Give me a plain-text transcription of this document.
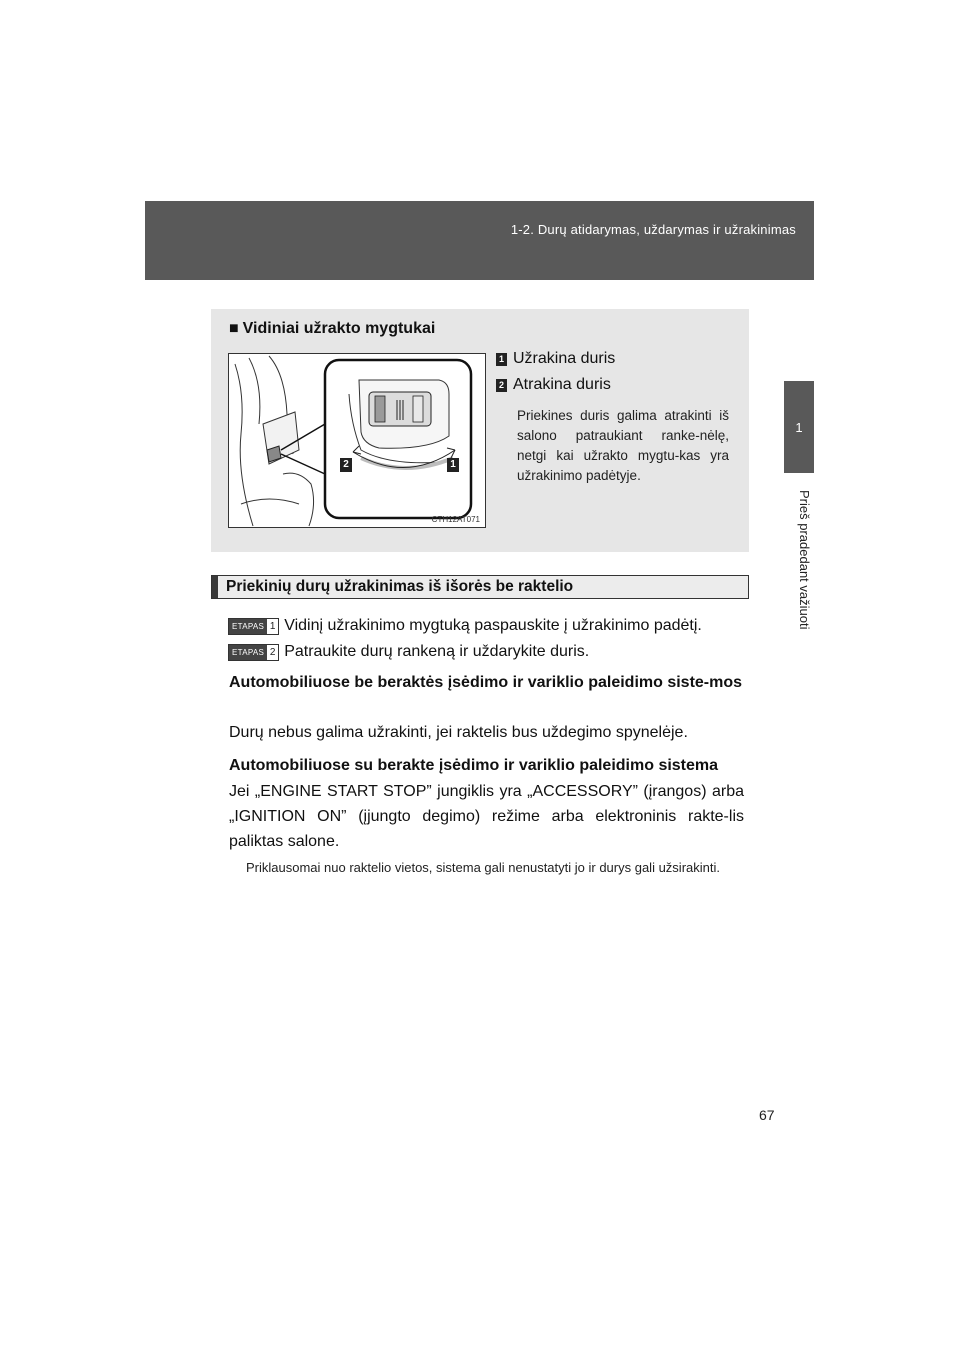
1-2. Durų atidarymas, uždarymas ir užrakinimas
1
Prieš pradedant važiuoti
■ Vidiniai užrakto mygtukai
2	1
CTH12AT071
1 Užrakina duris
2 Atrakina duris
Priekines duris galima atrakinti iš salono patraukiant ranke-nėlę, netgi kai užrakto mygtu-kas yra užrakinimo padėtyje.
Priekinių durų užrakinimas iš išorės be raktelio
ETAPAS 1 Vidinį užrakinimo mygtuką paspauskite į užrakinimo padėtį.
ETAPAS 2 Patraukite durų rankeną ir uždarykite duris.
Automobiliuose be beraktės įsėdimo ir variklio paleidimo siste-mos
Durų nebus galima užrakinti, jei raktelis bus uždegimo spynelėje.
Automobiliuose su berakte įsėdimo ir variklio paleidimo sistema
Jei „ENGINE START STOP” jungiklis yra „ACCESSORY” (įrangos) arba „IGNITION ON” (įjungto degimo) režime arba elektroninis rakte-lis paliktas salone.
Priklausomai nuo raktelio vietos, sistema gali nenustatyti jo ir durys gali užsirakinti.
67
